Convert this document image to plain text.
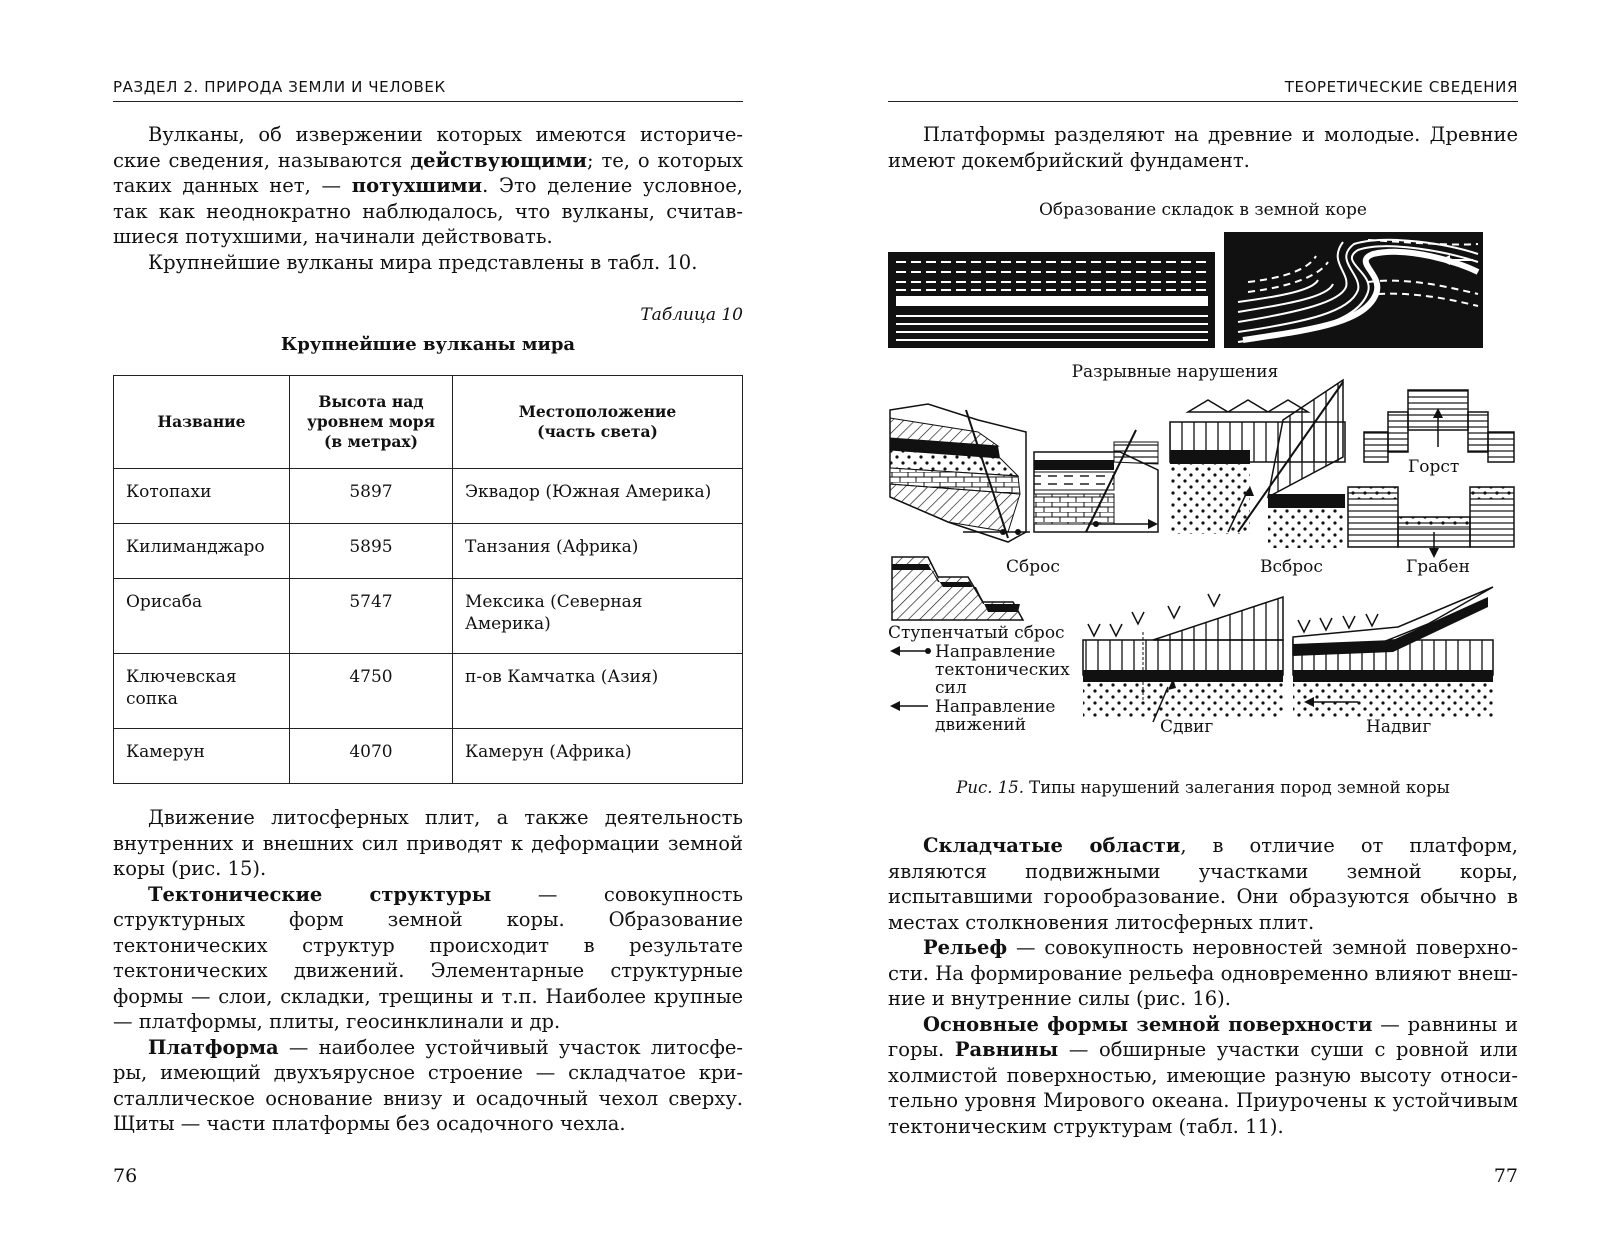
РАЗДЕЛ 2. ПРИРОДА ЗЕМЛИ И ЧЕЛОВЕК

Вулканы, об извержении которых имеются исторические сведения, называются действующими; те, о которых таких данных нет, — потухшими. Это деление условное, так как неоднократно наблюдалось, что вулканы, считавшиеся потухшими, начинали действовать.

Крупнейшие вулканы мира представлены в табл. 10.

Таблица 10
Крупнейшие вулканы мира
Название	Высота над уровнем моря (в метрах)	Местоположение (часть света)
Котопахи	5897	Эквадор (Южная Америка)
Килиманджаро	5895	Танзания (Африка)
Орисаба	5747	Мексика (Северная Америка)
Ключевская сопка	4750	п-ов Камчатка (Азия)
Камерун	4070	Камерун (Африка)

Движение литосферных плит, а также деятельность внутренних и внешних сил приводят к деформации земной коры (рис. 15).

Тектонические структуры — совокупность структурных форм земной коры. Образование тектонических структур происходит в результате тектонических движений. Элементарные структурные формы — слои, складки, трещины и т.п. Наиболее крупные — платформы, плиты, геосинклинали и др.

Платформа — наиболее устойчивый участок литосферы, имеющий двухъярусное строение — складчатое кристаллическое основание внизу и осадочный чехол сверху. Щиты — части платформы без осадочного чехла.

76
ТЕОРЕТИЧЕСКИЕ СВЕДЕНИЯ

Платформы разделяют на древние и молодые. Древние имеют докембрийский фундамент.

Образование складок в земной коре
Разрывные нарушения
Сброс	Всброс
Горст
Грабен
Ступенчатый сброс
Направление
тектонических
сил
Направление
движений	Сдвиг	Надвиг
Рис. 15. Типы нарушений залегания пород земной коры

Складчатые области, в отличие от платформ, являются подвижными участками земной коры, испытавшими горообразование. Они образуются обычно в местах столкновения литосферных плит.

Рельеф — совокупность неровностей земной поверхности. На формирование рельефа одновременно влияют внешние и внутренние силы (рис. 16).

Основные формы земной поверхности — равнины и горы. Равнины — обширные участки суши с ровной или холмистой поверхностью, имеющие разную высоту относительно уровня Мирового океана. Приурочены к устойчивым тектоническим структурам (табл. 11).

77
